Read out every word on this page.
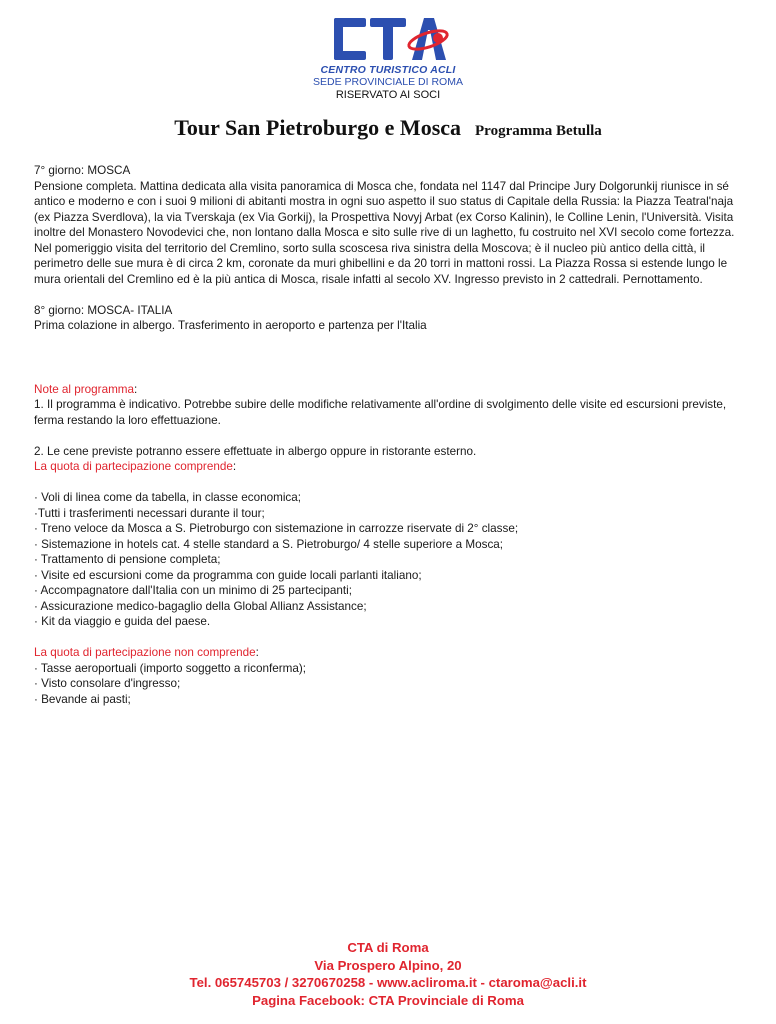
CENTRO TURISTICO ACLI
SEDE PROVINCIALE DI ROMA
RISERVATO AI SOCI
Tour San Pietroburgo e Mosca Programma Betulla

7° giorno: MOSCA

Pensione completa. Mattina dedicata alla visita panoramica di Mosca che, fondata nel 1147 dal Principe Jury Dolgorunkij riunisce in sé antico e moderno e con i suoi 9 milioni di abitanti mostra in ogni suo aspetto il suo status di Capitale della Russia: la Piazza Teatral'naja (ex Piazza Sverdlova), la via Tverskaja (ex Via Gorkij), la Prospettiva Novyj Arbat (ex Corso Kalinin), le Colline Lenin, l'Università. Visita inoltre del Monastero Novodevici che, non lontano dalla Mosca e sito sulle rive di un laghetto, fu costruito nel XVI secolo come fortezza. Nel pomeriggio visita del territorio del Cremlino, sorto sulla scoscesa riva sinistra della Moscova; è il nucleo più antico della città, il perimetro delle sue mura è di circa 2 km, coronate da muri ghibellini e da 20 torri in mattoni rossi. La Piazza Rossa si estende lungo le mura orientali del Cremlino ed è la più antica di Mosca, risale infatti al secolo XV. Ingresso previsto in 2 cattedrali. Pernottamento.

8° giorno: MOSCA- ITALIA

Prima colazione in albergo. Trasferimento in aeroporto e partenza per l'Italia

Note al programma:

1. Il programma è indicativo. Potrebbe subire delle modifiche relativamente all'ordine di svolgimento delle visite ed escursioni previste, ferma restando la loro effettuazione.

2. Le cene previste potranno essere effettuate in albergo oppure in ristorante esterno.

La quota di partecipazione comprende:

· Voli di linea come da tabella, in classe economica;
·Tutti i trasferimenti necessari durante il tour;
· Treno veloce da Mosca a S. Pietroburgo con sistemazione in carrozze riservate di 2° classe;
· Sistemazione in hotels cat. 4 stelle standard a S. Pietroburgo/ 4 stelle superiore a Mosca;
· Trattamento di pensione completa;
· Visite ed escursioni come da programma con guide locali parlanti italiano;
· Accompagnatore dall'Italia con un minimo di 25 partecipanti;
· Assicurazione medico-bagaglio della Global Allianz Assistance;
· Kit da viaggio e guida del paese.

La quota di partecipazione non comprende:

· Tasse aeroportuali (importo soggetto a riconferma);
· Visto consolare d'ingresso;
· Bevande ai pasti;
CTA di Roma
Via Prospero Alpino, 20
Tel. 065745703 / 3270670258 - www.acliroma.it - ctaroma@acli.it
Pagina Facebook: CTA Provinciale di Roma
